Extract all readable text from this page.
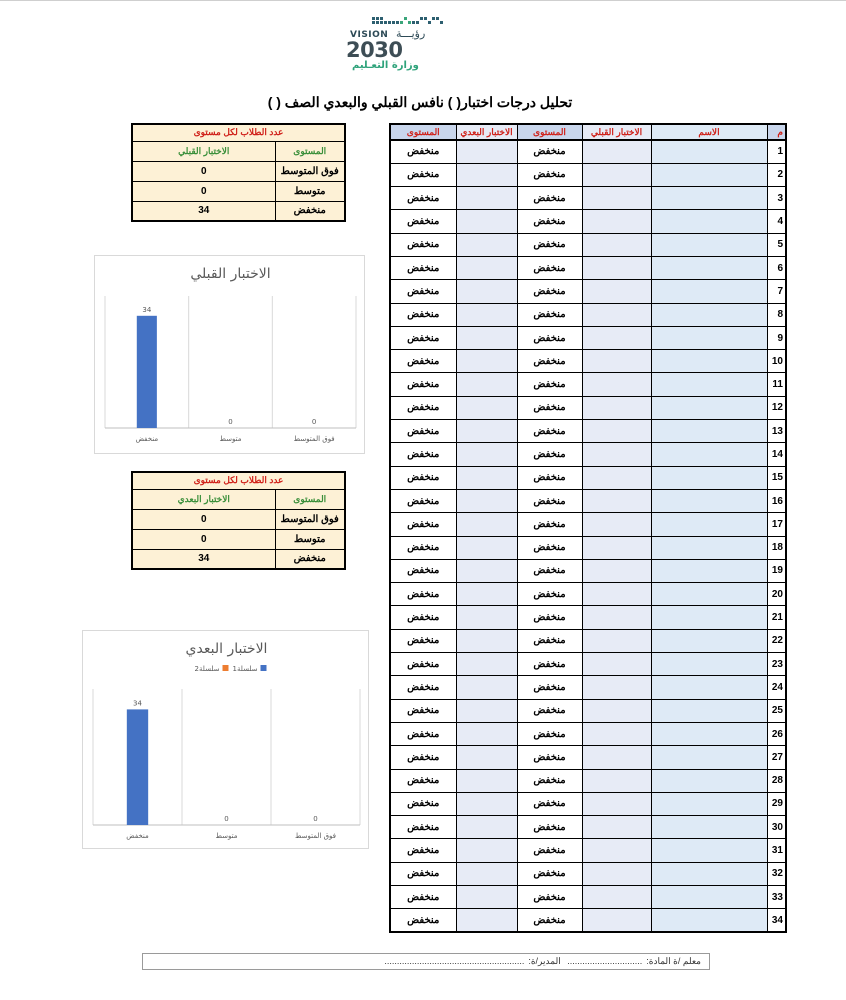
VISION رؤيـــة
2030
وزارة التعـليم
تحليل درجات اختبار( ) نافس القبلي والبعدي الصف ( )
م	الاسم	الاختبار القبلي	المستوى	الاختبار البعدي	المستوى
1			منخفض		منخفض
2			منخفض		منخفض
3			منخفض		منخفض
4			منخفض		منخفض
5			منخفض		منخفض
6			منخفض		منخفض
7			منخفض		منخفض
8			منخفض		منخفض
9			منخفض		منخفض
10			منخفض		منخفض
11			منخفض		منخفض
12			منخفض		منخفض
13			منخفض		منخفض
14			منخفض		منخفض
15			منخفض		منخفض
16			منخفض		منخفض
17			منخفض		منخفض
18			منخفض		منخفض
19			منخفض		منخفض
20			منخفض		منخفض
21			منخفض		منخفض
22			منخفض		منخفض
23			منخفض		منخفض
24			منخفض		منخفض
25			منخفض		منخفض
26			منخفض		منخفض
27			منخفض		منخفض
28			منخفض		منخفض
29			منخفض		منخفض
30			منخفض		منخفض
31			منخفض		منخفض
32			منخفض		منخفض
33			منخفض		منخفض
34			منخفض		منخفض
عدد الطلاب لكل مستوى	
المستوى	الاختبار القبلي
فوق المتوسط	0
متوسط	0
منخفض	34
الاختبار القبلي
34
منخفض
0
متوسط
0
فوق المتوسط
عدد الطلاب لكل مستوى	
المستوى	الاختبار البعدي
فوق المتوسط	0
متوسط	0
منخفض	34
الاختبار البعدي
سلسلة1
سلسلة2
34
منخفض
0
متوسط
0
فوق المتوسط
معلم /ة المادة:.............................. المدير/ة:........................................................
